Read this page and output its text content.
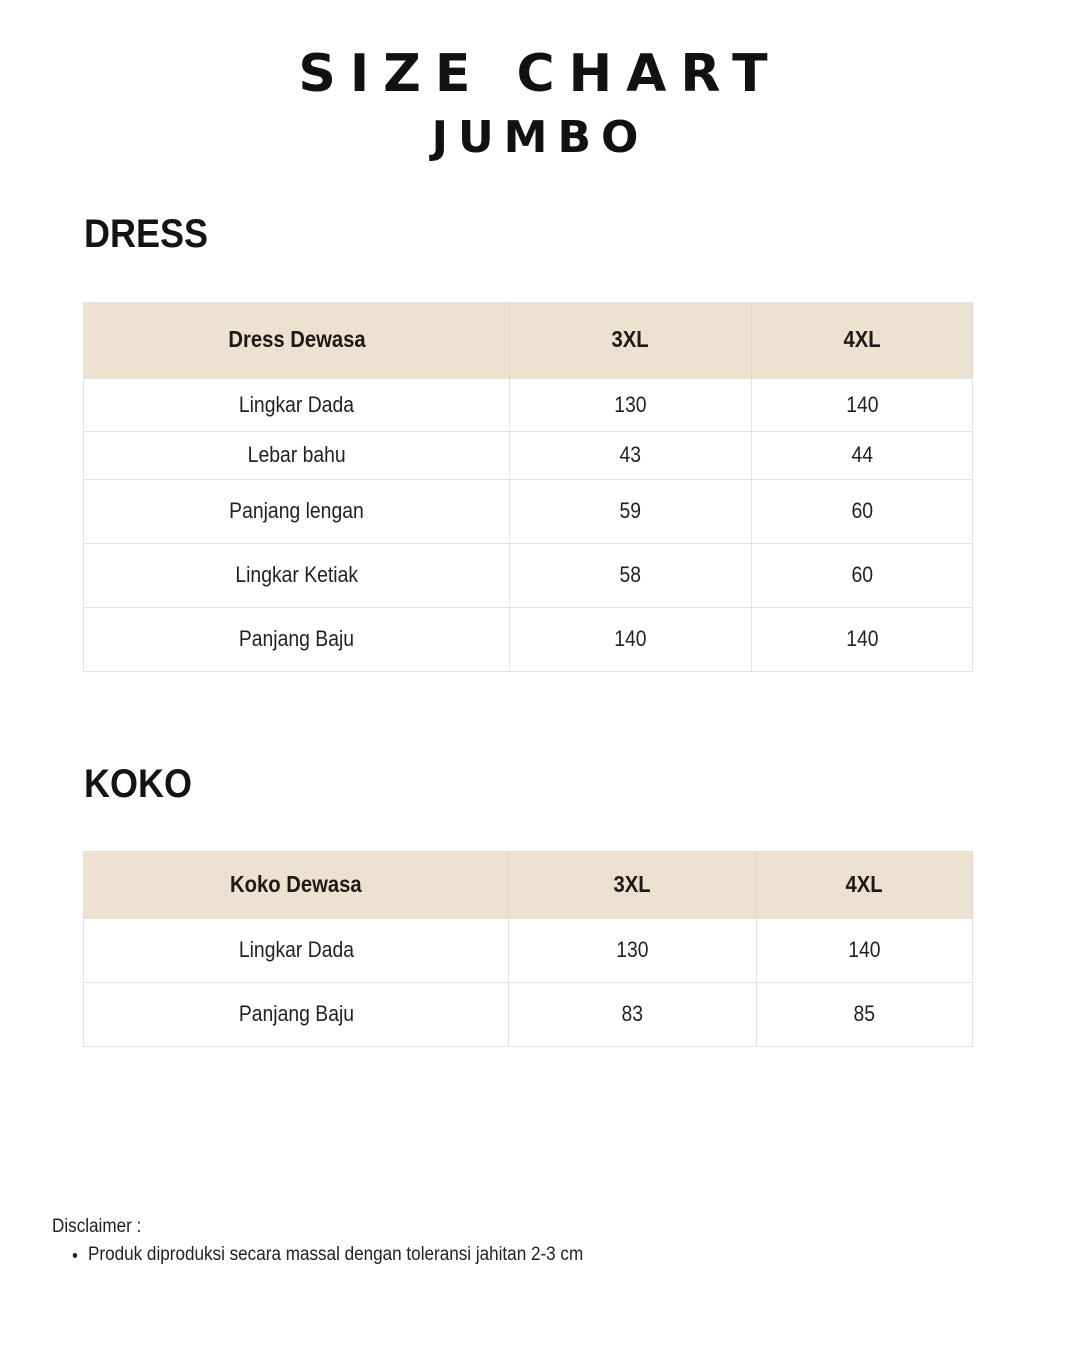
SIZE CHART
JUMBO
DRESS
Dress Dewasa	3XL	4XL
Lingkar Dada	130	140
Lebar bahu	43	44
Panjang lengan	59	60
Lingkar Ketiak	58	60
Panjang Baju	140	140
KOKO
Koko Dewasa	3XL	4XL
Lingkar Dada	130	140
Panjang Baju	83	85
Disclaimer :
• Produk diproduksi secara massal dengan toleransi jahitan 2-3 cm
